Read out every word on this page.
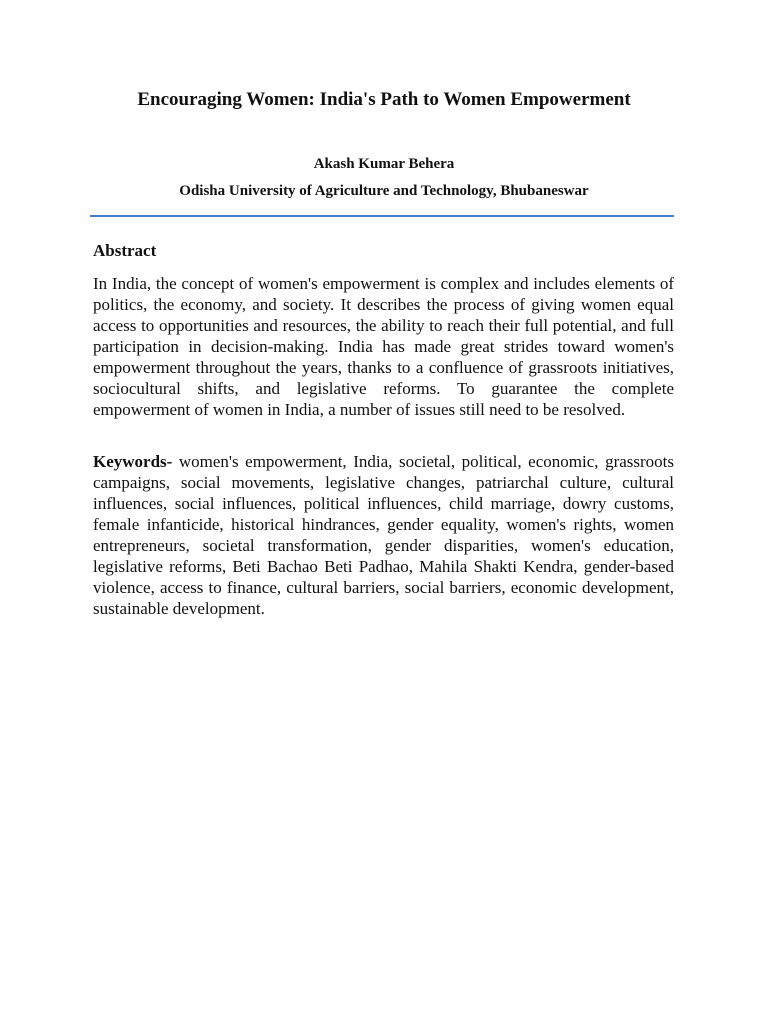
Encouraging Women: India's Path to Women Empowerment
Akash Kumar Behera
Odisha University of Agriculture and Technology, Bhubaneswar
Abstract

In India, the concept of women's empowerment is complex and includes elements of politics, the economy, and society. It describes the process of giving women equal access to opportunities and resources, the ability to reach their full potential, and full participation in decision-making. India has made great strides toward women's empowerment throughout the years, thanks to a confluence of grassroots initiatives, sociocultural shifts, and legislative reforms. To guarantee the complete empowerment of women in India, a number of issues still need to be resolved.

Keywords- women's empowerment, India, societal, political, economic, grassroots campaigns, social movements, legislative changes, patriarchal culture, cultural influences, social influences, political influences, child marriage, dowry customs, female infanticide, historical hindrances, gender equality, women's rights, women entrepreneurs, societal transformation, gender disparities, women's education, legislative reforms, Beti Bachao Beti Padhao, Mahila Shakti Kendra, gender-based violence, access to finance, cultural barriers, social barriers, economic development, sustainable development.
